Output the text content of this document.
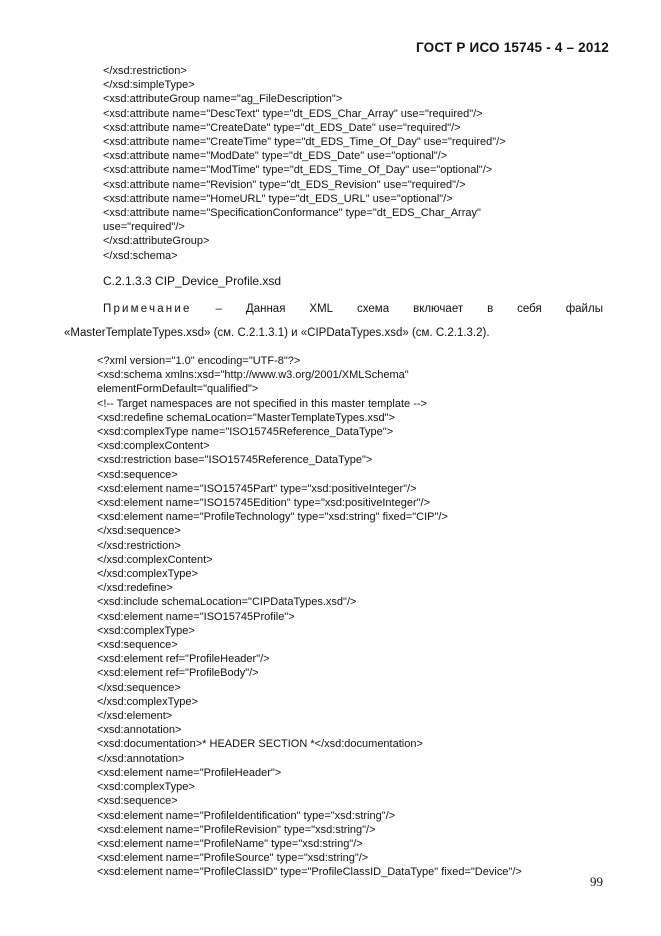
ГОСТ Р ИСО 15745 - 4 – 2012
</xsd:restriction>
</xsd:simpleType>
<xsd:attributeGroup name="ag_FileDescription">
<xsd:attribute name="DescText" type="dt_EDS_Char_Array" use="required"/>
<xsd:attribute name="CreateDate" type="dt_EDS_Date" use="required"/>
<xsd:attribute name="CreateTime" type="dt_EDS_Time_Of_Day" use="required"/>
<xsd:attribute name="ModDate" type="dt_EDS_Date" use="optional"/>
<xsd:attribute name="ModTime" type="dt_EDS_Time_Of_Day" use="optional"/>
<xsd:attribute name="Revision" type="dt_EDS_Revision" use="required"/>
<xsd:attribute name="HomeURL" type="dt_EDS_URL" use="optional"/>
<xsd:attribute name="SpecificationConformance" type="dt_EDS_Char_Array"
use="required"/>
</xsd:attributeGroup>
</xsd:schema>
C.2.1.3.3 CIP_Device_Profile.xsd
Примечание – Данная XML схема включает в себя файлы
«MasterTemplateTypes.xsd» (см. C.2.1.3.1) и «CIPDataTypes.xsd» (см. C.2.1.3.2).
<?xml version="1.0" encoding="UTF-8"?>
<xsd:schema xmlns:xsd="http://www.w3.org/2001/XMLSchema"
elementFormDefault="qualified">
<!-- Target namespaces are not specified in this master template -->
<xsd:redefine schemaLocation="MasterTemplateTypes.xsd">
<xsd:complexType name="ISO15745Reference_DataType">
<xsd:complexContent>
<xsd:restriction base="ISO15745Reference_DataType">
<xsd:sequence>
<xsd:element name="ISO15745Part" type="xsd:positiveInteger"/>
<xsd:element name="ISO15745Edition" type="xsd:positiveInteger"/>
<xsd:element name="ProfileTechnology" type="xsd:string" fixed="CIP"/>
</xsd:sequence>
</xsd:restriction>
</xsd:complexContent>
</xsd:complexType>
</xsd:redefine>
<xsd:include schemaLocation="CIPDataTypes.xsd"/>
<xsd:element name="ISO15745Profile">
<xsd:complexType>
<xsd:sequence>
<xsd:element ref="ProfileHeader"/>
<xsd:element ref="ProfileBody"/>
</xsd:sequence>
</xsd:complexType>
</xsd:element>
<xsd:annotation>
<xsd:documentation>* HEADER SECTION *</xsd:documentation>
</xsd:annotation>
<xsd:element name="ProfileHeader">
<xsd:complexType>
<xsd:sequence>
<xsd:element name="ProfileIdentification" type="xsd:string"/>
<xsd:element name="ProfileRevision" type="xsd:string"/>
<xsd:element name="ProfileName" type="xsd:string"/>
<xsd:element name="ProfileSource" type="xsd:string"/>
<xsd:element name="ProfileClassID" type="ProfileClassID_DataType" fixed="Device"/>
99
